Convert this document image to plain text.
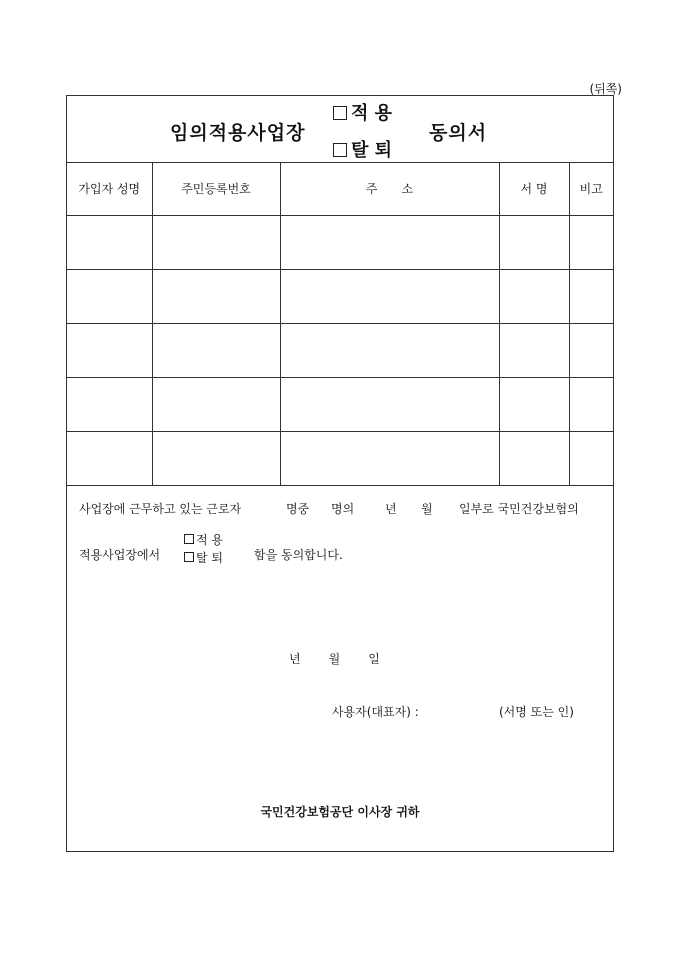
(뒤쪽)
임의적용사업장
적 용
탈 퇴
동의서
가입자 성명	주민등록번호	주　　소	서 명	비고

사업장에 근무하고 있는 근로자	명중 명의	년 월 일부로 국민건강보험의
적용사업장에서
적 용
탈 퇴	함을 동의합니다.
년 월 일
사용자(대표자) :	(서명 또는 인)
국민건강보험공단 이사장 귀하
